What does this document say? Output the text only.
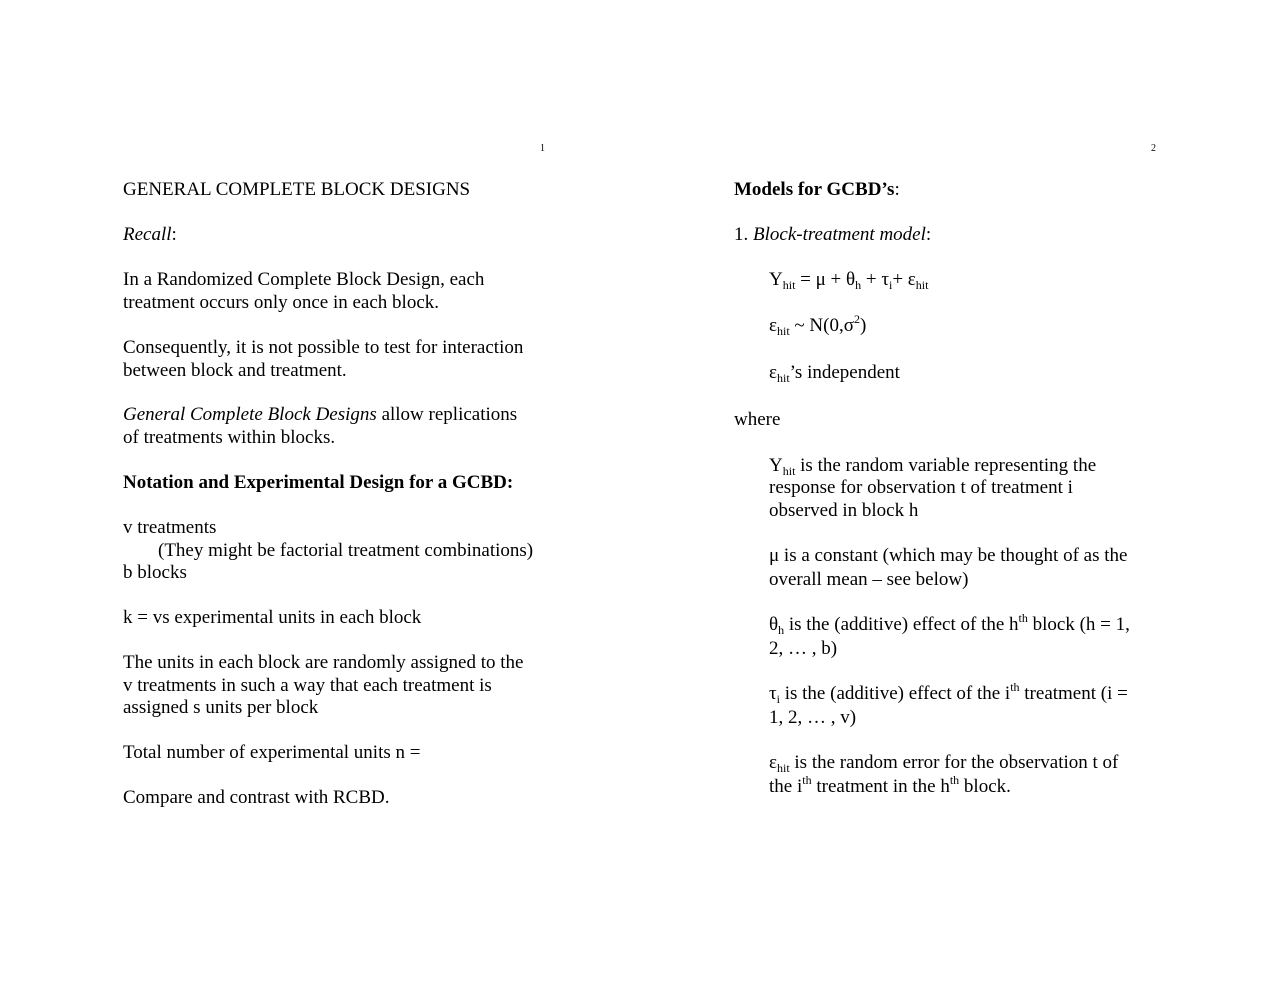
1
GENERAL COMPLETE BLOCK DESIGNS
Recall:
In a Randomized Complete Block Design, each
treatment occurs only once in each block.
Consequently, it is not possible to test for interaction
between block and treatment.
General Complete Block Designs allow replications
of treatments within blocks.
Notation and Experimental Design for a GCBD:
v treatments
(They might be factorial treatment combinations)
b blocks
k = vs experimental units in each block
The units in each block are randomly assigned to the
v treatments in such a way that each treatment is
assigned s units per block
Total number of experimental units n =
Compare and contrast with RCBD.
2
Models for GCBD’s:
1. Block-treatment model:
$Y_{hit} = \mu + \theta_h + \tau_i+ \varepsilon_{hit}$
$\varepsilon_{hit}$ ~ $N(0,\sigma^2)$
$\varepsilon_{hit}’s$ independent
where
$Y_{hit}$ is the random variable representing the
response for observation t of treatment i
observed in block h
μ is a constant (which may be thought of as the
overall mean – see below)
$\theta_h$ is the (additive) effect of the $h^{th}$ block (h = 1,
2, … , b)
$\tau_i$ is the (additive) effect of the $i^{th}$ treatment (i =
1, 2, … , v)
$\varepsilon_{hit}$ is the random error for the observation t of
the $i^{th}$ treatment in the $h^{th}$ block.
